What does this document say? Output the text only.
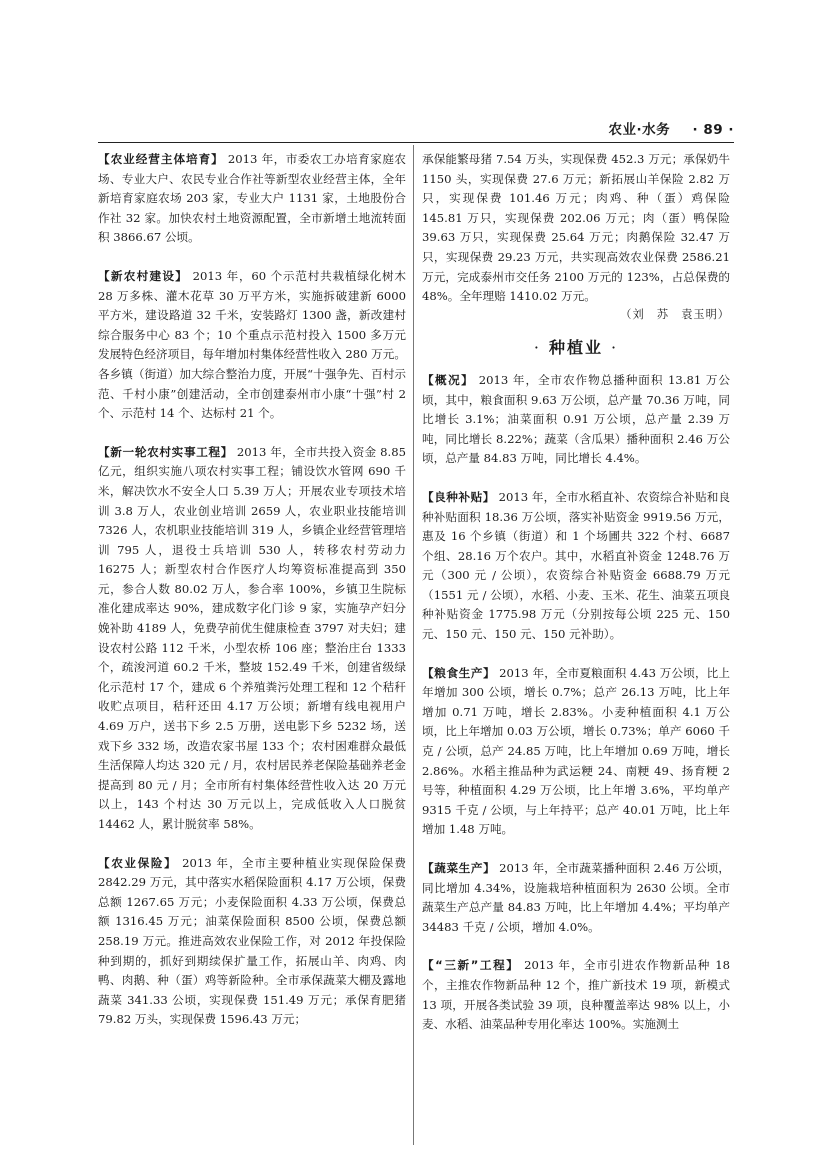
农业·水务 · 89 ·

【农业经营主体培育】 2013 年，市委农工办培育家庭农场、专业大户、农民专业合作社等新型农业经营主体，全年新培育家庭农场 203 家，专业大户 1131 家，土地股份合作社 32 家。加快农村土地资源配置，全市新增土地流转面积 3866.67 公顷。

【新农村建设】 2013 年，60 个示范村共栽植绿化树木 28 万多株、灌木花草 30 万平方米，实施拆破建新 6000 平方米，建设路道 32 千米，安装路灯 1300 盏，新改建村综合服务中心 83 个；10 个重点示范村投入 1500 多万元发展特色经济项目，每年增加村集体经营性收入 280 万元。各乡镇（街道）加大综合整治力度，开展“十强争先、百村示范、千村小康”创建活动，全市创建泰州市小康“十强”村 2 个、示范村 14 个、达标村 21 个。

【新一轮农村实事工程】 2013 年，全市共投入资金 8.85 亿元，组织实施八项农村实事工程；铺设饮水管网 690 千米，解决饮水不安全人口 5.39 万人；开展农业专项技术培训 3.8 万人，农业创业培训 2659 人，农业职业技能培训 7326 人，农机职业技能培训 319 人，乡镇企业经营管理培训 795 人，退役士兵培训 530 人，转移农村劳动力 16275 人；新型农村合作医疗人均筹资标准提高到 350 元，参合人数 80.02 万人，参合率 100%，乡镇卫生院标准化建成率达 90%，建成数字化门诊 9 家，实施孕产妇分娩补助 4189 人，免费孕前优生健康检查 3797 对夫妇；建设农村公路 112 千米，小型农桥 106 座；整治庄台 1333 个，疏浚河道 60.2 千米，整坡 152.49 千米，创建省级绿化示范村 17 个，建成 6 个养殖粪污处理工程和 12 个秸秆收贮点项目，秸秆还田 4.17 万公顷；新增有线电视用户 4.69 万户，送书下乡 2.5 万册，送电影下乡 5232 场，送戏下乡 332 场，改造农家书屋 133 个；农村困难群众最低生活保障人均达 320 元 / 月，农村居民养老保险基础养老金提高到 80 元 / 月；全市所有村集体经营性收入达 20 万元以上，143 个村达 30 万元以上，完成低收入人口脱贫 14462 人，累计脱贫率 58%。

【农业保险】 2013 年，全市主要种植业实现保险保费 2842.29 万元，其中落实水稻保险面积 4.17 万公顷，保费总额 1267.65 万元；小麦保险面积 4.33 万公顷，保费总额 1316.45 万元；油菜保险面积 8500 公顷，保费总额 258.19 万元。推进高效农业保险工作，对 2012 年投保险种到期的，抓好到期续保扩量工作，拓展山羊、肉鸡、肉鸭、肉鹅、种（蛋）鸡等新险种。全市承保蔬菜大棚及露地蔬菜 341.33 公顷，实现保费 151.49 万元；承保育肥猪 79.82 万头，实现保费 1596.43 万元；

承保能繁母猪 7.54 万头，实现保费 452.3 万元；承保奶牛 1150 头，实现保费 27.6 万元；新拓展山羊保险 2.82 万只，实现保费 101.46 万元；肉鸡、种（蛋）鸡保险 145.81 万只，实现保费 202.06 万元；肉（蛋）鸭保险 39.63 万只，实现保费 25.64 万元；肉鹅保险 32.47 万只，实现保费 29.23 万元，共实现高效农业保费 2586.21 万元，完成泰州市交任务 2100 万元的 123%，占总保费的 48%。全年理赔 1410.02 万元。

（刘　苏　袁玉明）
· 种植业 ·

【概况】 2013 年，全市农作物总播种面积 13.81 万公顷，其中，粮食面积 9.63 万公顷，总产量 70.36 万吨，同比增长 3.1%；油菜面积 0.91 万公顷，总产量 2.39 万吨，同比增长 8.22%；蔬菜（含瓜果）播种面积 2.46 万公顷，总产量 84.83 万吨，同比增长 4.4%。

【良种补贴】 2013 年，全市水稻直补、农资综合补贴和良种补贴面积 18.36 万公顷，落实补贴资金 9919.56 万元，惠及 16 个乡镇（街道）和 1 个场圃共 322 个村、6687 个组、28.16 万个农户。其中，水稻直补资金 1248.76 万元（300 元 / 公顷），农资综合补贴资金 6688.79 万元（1551 元 / 公顷），水稻、小麦、玉米、花生、油菜五项良种补贴资金 1775.98 万元（分别按每公顷 225 元、150 元、150 元、150 元、150 元补助）。

【粮食生产】 2013 年，全市夏粮面积 4.43 万公顷，比上年增加 300 公顷，增长 0.7%；总产 26.13 万吨，比上年增加 0.71 万吨，增长 2.83%。小麦种植面积 4.1 万公顷，比上年增加 0.03 万公顷，增长 0.73%；单产 6060 千克 / 公顷，总产 24.85 万吨，比上年增加 0.69 万吨，增长 2.86%。水稻主推品种为武运粳 24、南粳 49、扬育粳 2 号等，种植面积 4.29 万公顷，比上年增 3.6%，平均单产 9315 千克 / 公顷，与上年持平；总产 40.01 万吨，比上年增加 1.48 万吨。

【蔬菜生产】 2013 年，全市蔬菜播种面积 2.46 万公顷，同比增加 4.34%，设施栽培种植面积为 2630 公顷。全市蔬菜生产总产量 84.83 万吨，比上年增加 4.4%；平均单产 34483 千克 / 公顷，增加 4.0%。

【“三新”工程】 2013 年，全市引进农作物新品种 18 个，主推农作物新品种 12 个，推广新技术 19 项，新模式 13 项，开展各类试验 39 项，良种覆盖率达 98% 以上，小麦、水稻、油菜品种专用化率达 100%。实施测土
